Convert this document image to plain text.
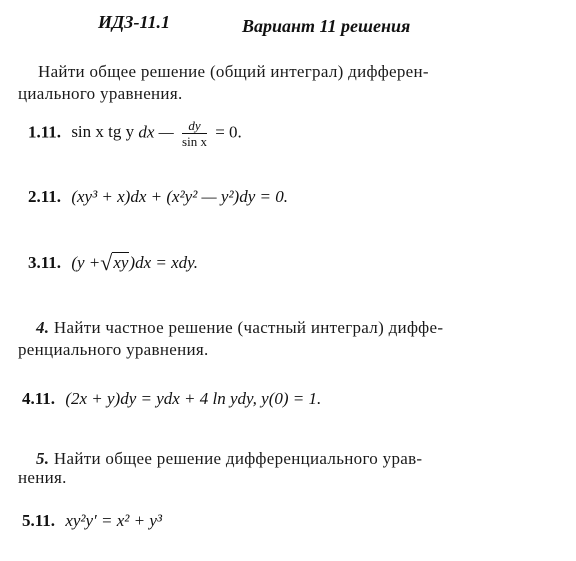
ИДЗ-11.1	Вариант 11 решения
Найти общее решение (общий интеграл) дифферен-
циального уравнения.
1.11. sin x tg y dx — $\frac{dy}{\text{sin x}} = 0$.
2.11. (xy³ + x)dx + (x²y² — y²)dy = 0.
3.11. (y +√xy)dx = xdy.
4. Найти частное решение (частный интеграл) диффе-
ренциального уравнения.
4.11. (2x + y)dy = ydx + 4 ln ydy, y(0) = 1.
5. Найти общее решение дифференциального урав-
нения.
5.11. xy²y′ = x² + y³
